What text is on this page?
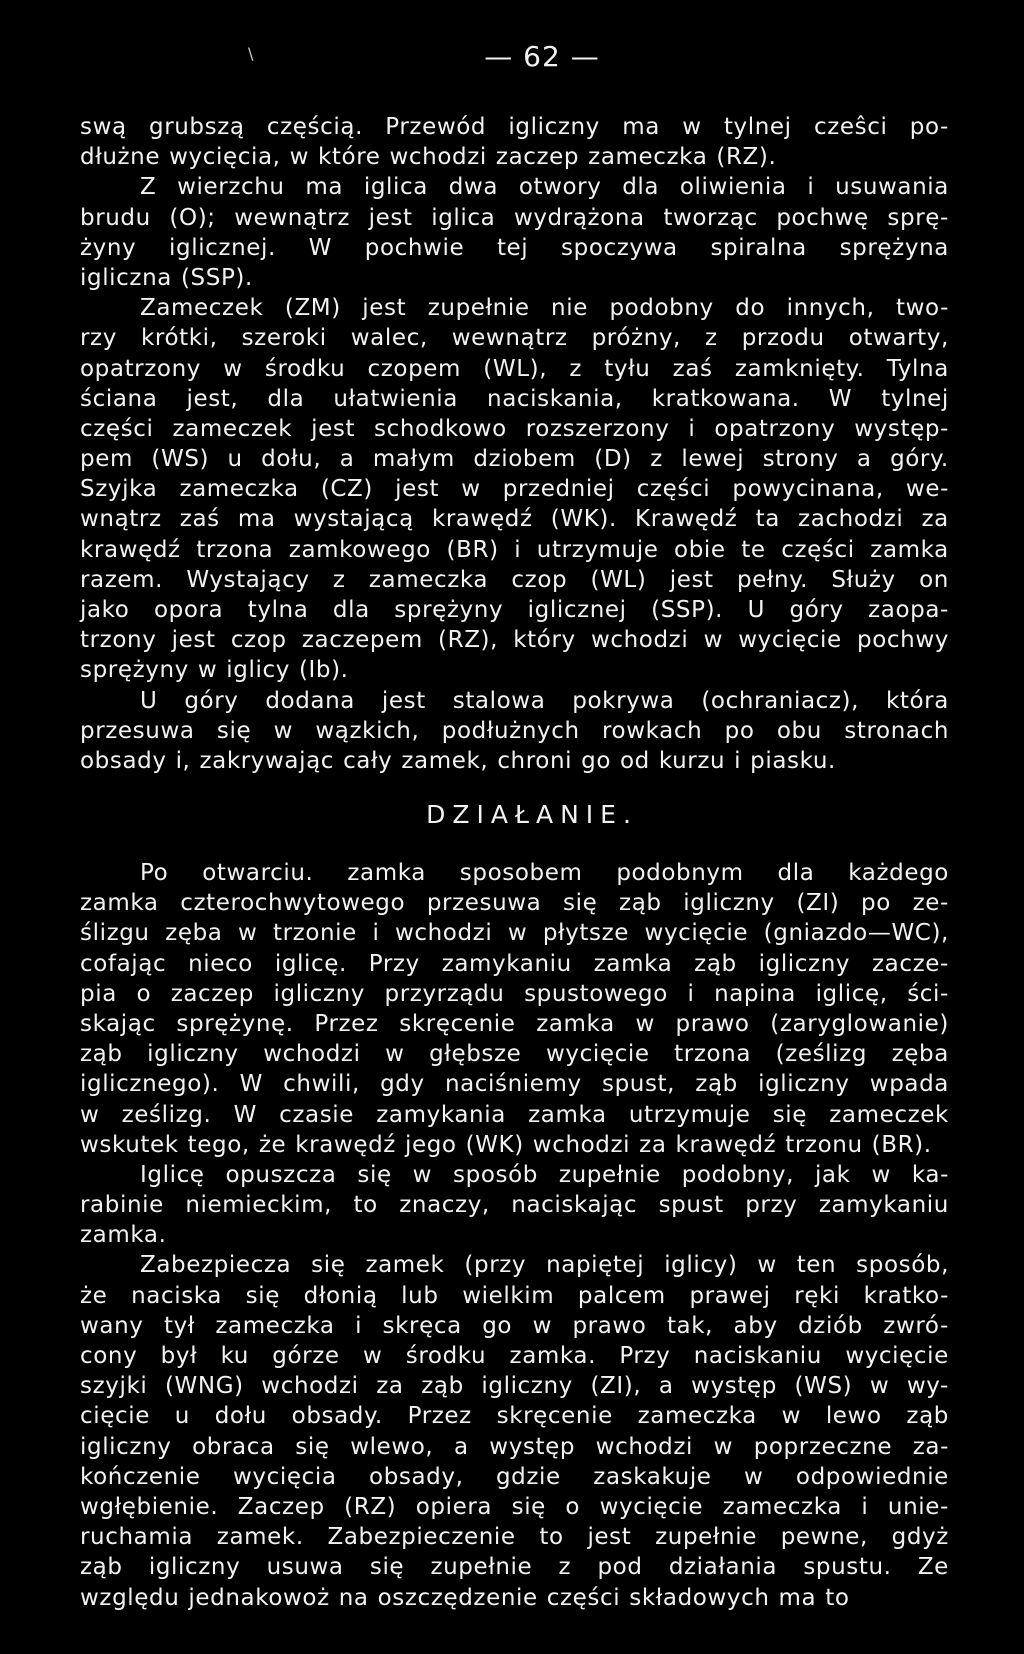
\	— 62 —
swą grubszą częścią. Przewód igliczny ma w tylnej czeŝci po-
dłużne wycięcia, w które wchodzi zaczep zameczka (RZ).
Z wierzchu ma iglica dwa otwory dla oliwienia i usuwania
brudu (O); wewnątrz jest iglica wydrążona tworząc pochwę sprę-
żyny iglicznej. W pochwie tej spoczywa spiralna sprężyna
iglicznа (SSP).
Zameczek (ZM) jest zupełnie nie podobny do innych, two-
rzy krótki, szeroki walec, wewnątrz próżny, z przodu otwarty,
opatrzony w środku czopem (WL), z tyłu zaś zamknięty. Tylna
ściana jest, dla ułatwienia naciskania, kratkowana. W tylnej
części zameczek jest schodkowo rozszerzony i opatrzony występ-
pem (WS) u dołu, a małym dziobem (D) z lewej strony a góry.
Szyjka zameczka (CZ) jest w przedniej części powycinana, we-
wnątrz zaś ma wystającą krawędź (WK). Krawędź ta zachodzi za
krawędź trzona zamkowego (BR) i utrzymuje obie te części zamka
razem. Wystający z zameczka czop (WL) jest pełny. Służy on
jako opora tylna dla sprężyny iglicznej (SSP). U góry zaopa-
trzony jest czop zaczepem (RZ), który wchodzi w wycięcie pochwy
sprężyny w iglicy (Ib).
U góry dodana jest stalowa pokrywa (ochraniacz), która
przesuwa się w wązkich, podłużnych rowkach po obu stronach
obsady i, zakrywając cały zamek, chroni go od kurzu i piasku.
DZIAŁANIE.
Po otwarciu. zamka sposobem podobnym dla każdego
zamka czterochwytowego przesuwa się ząb igliczny (ZI) po ze-
ślizgu zęba w trzonie i wchodzi w płytsze wycięcie (gniazdo—WC),
cofając nieco iglicę. Przy zamykaniu zamka ząb igliczny zacze-
pia o zaczep igliczny przyrządu spustowego i napina iglicę, ści-
skając sprężynę. Przez skręcenie zamka w prawo (zaryglowanie)
ząb igliczny wchodzi w głębsze wycięcie trzona (ześlizg zęba
iglicznego). W chwili, gdy naciśniemy spust, ząb igliczny wpada
w ześlizg. W czasie zamykania zamka utrzymuje się zameczek
wskutek tego, że krawędź jego (WK) wchodzi za krawędź trzonu (BR).
Iglicę opuszcza się w sposób zupełnie podobny, jak w ka-
rabinie niemieckim, to znaczy, naciskając spust przy zamykaniu
zamka.
Zabezpiecza się zamek (przy napiętej iglicy) w ten sposób,
że naciska się dłonią lub wielkim palcem prawej ręki kratko-
wany tył zameczka i skręca go w prawo tak, aby dziób zwró-
cony był ku górze w środku zamka. Przy naciskaniu wycięcie
szyjki (WNG) wchodzi za ząb igliczny (ZI), a występ (WS) w wy-
cięcie u dołu obsady. Przez skręcenie zameczka w lewo ząb
igliczny obraca się wlewo, a występ wchodzi w poprzeczne za-
kończenie wycięcia obsady, gdzie zaskakuje w odpowiednie
wgłębienie. Zaczep (RZ) opiera się o wycięcie zameczka i unie-
ruchamia zamek. Zabezpieczenie to jest zupełnie pewne, gdyż
ząb igliczny usuwa się zupełnie z pod działania spustu. Ze
względu jednakowoż na oszczędzenie części składowych ma to
